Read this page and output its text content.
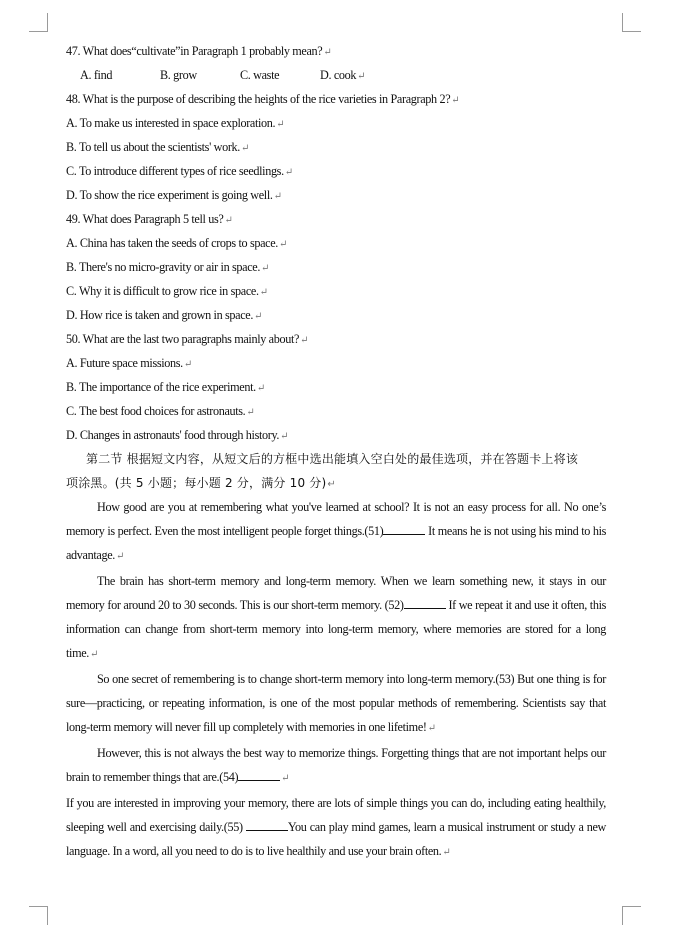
47. What does“cultivate”in Paragraph 1 probably mean?↵
A. find	B. grow	C. waste	D. cook↵
48. What is the purpose of describing the heights of the rice varieties in Paragraph 2?↵
A. To make us interested in space exploration.↵
B. To tell us about the scientists' work.↵
C. To introduce different types of rice seedlings.↵
D. To show the rice experiment is going well.↵
49. What does Paragraph 5 tell us?↵
A. China has taken the seeds of crops to space.↵
B. There's no micro-gravity or air in space.↵
C. Why it is difficult to grow rice in space.↵
D. How rice is taken and grown in space.↵
50. What are the last two paragraphs mainly about?↵
A. Future space missions.↵
B. The importance of the rice experiment.↵
C. The best food choices for astronauts.↵
D. Changes in astronauts' food through history.↵
第二节 根据短文内容，从短文后的方框中选出能填入空白处的最佳选项，并在答题卡上将该
项涂黑。(共 5 小题；每小题 2 分，满分 10 分)↵

How good are you at remembering what you've learned at school? It is not an easy process for all. No one’s memory is perfect. Even the most intelligent people forget things.(51)	It means he is not using his mind to his advantage.↵

The brain has short-term memory and long-term memory. When we learn something new, it stays in our memory for around 20 to 30 seconds. This is our short-term memory. (52)	If we repeat it and use it often, this information can change from short-term memory into long-term memory, where memories are stored for a long time.↵

So one secret of remembering is to change short-term memory into long-term memory.(53) But one thing is for sure—practicing, or repeating information, is one of the most popular methods of remembering. Scientists say that long-term memory will never fill up completely with memories in one lifetime!↵

However, this is not always the best way to memorize things. Forgetting things that are not important helps our brain to remember things that are.(54)	↵

If you are interested in improving your memory, there are lots of simple things you can do, including eating healthily, sleeping well and exercising daily.(55)	You can play mind games, learn a musical instrument or study a new language. In a word, all you need to do is to live healthily and use your brain often.↵
